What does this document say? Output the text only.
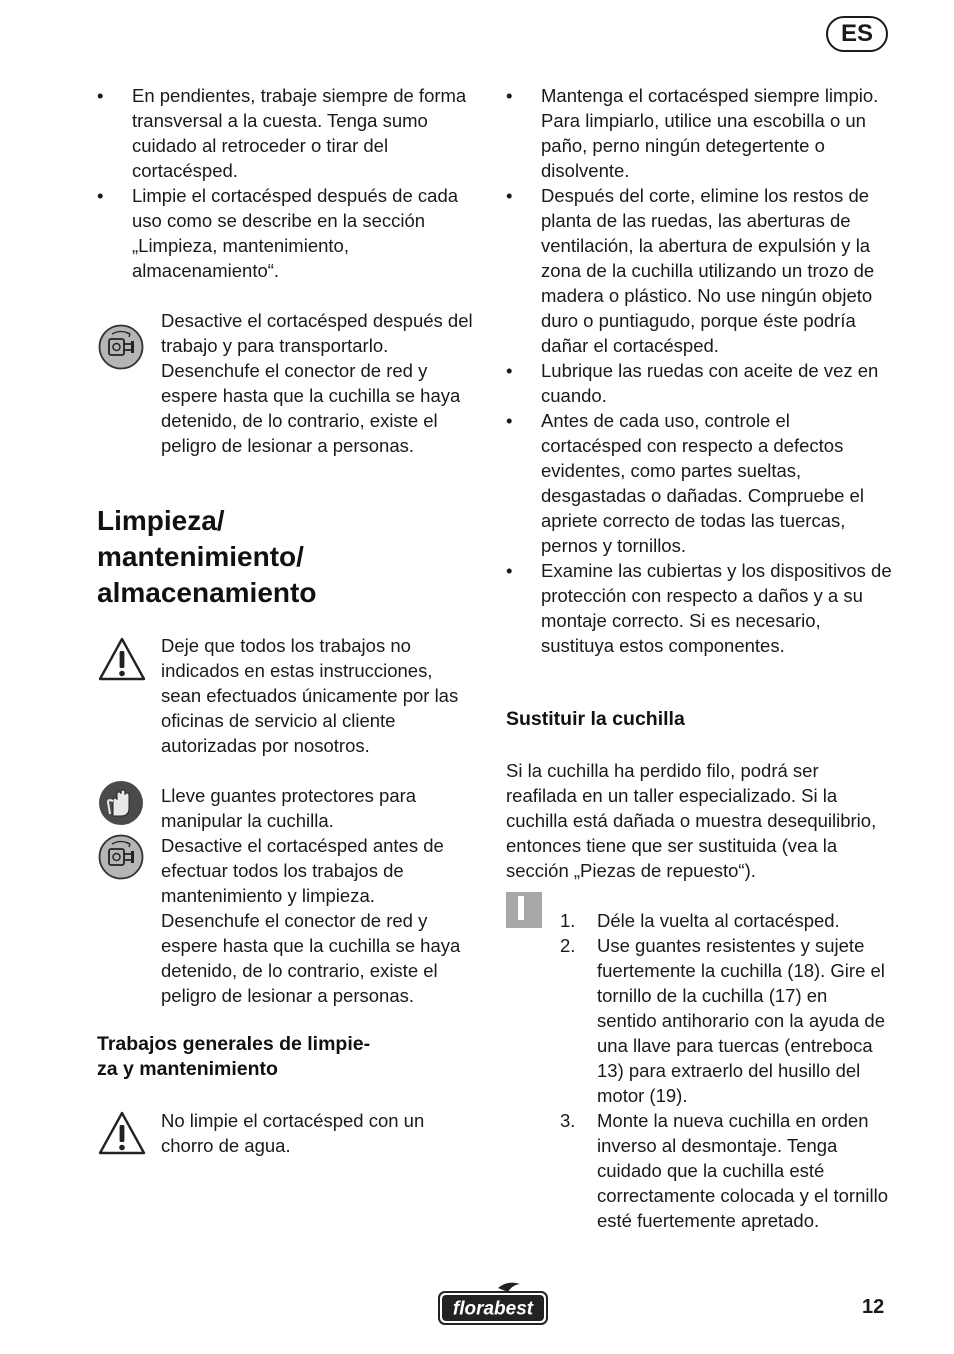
ES
• En pendientes, trabaje siempre de forma transversal a la cuesta. Tenga sumo cuidado al retroceder o tirar del cortacésped.
• Limpie el cortacésped después de cada uso como se describe en la sección „Limpieza, mantenimiento, almacenamiento“.
Desactive el cortacésped después del trabajo y para transportarlo. Desenchufe el conector de red y espere hasta que la cuchilla se haya detenido, de lo contrario, existe el peligro de lesionar a personas.
Limpieza/
mantenimiento/
almacenamiento
Deje que todos los trabajos no indicados en estas instrucciones, sean efectuados únicamente por las oficinas de servicio al cliente autorizadas por nosotros.
Lleve guantes protectores para manipular la cuchilla.
Desactive el cortacésped antes de efectuar todos los trabajos de mantenimiento y limpieza. Desenchufe el conector de red y espere hasta que la cuchilla se haya detenido, de lo contrario, existe el peligro de lesionar a personas.
Trabajos generales de limpie-
za y mantenimiento
No limpie el cortacésped con un chorro de agua.
• Mantenga el cortacésped siempre limpio. Para limpiarlo, utilice una escobilla o un paño, perno ningún detegertente o disolvente.
• Después del corte, elimine los restos de planta de las ruedas, las aberturas de ventilación, la abertura de expulsión y la zona de la cuchilla utilizando un trozo de madera o plástico. No use ningún objeto duro o puntiagudo, porque éste podría dañar el cortacésped.
• Lubrique las ruedas con aceite de vez en cuando.
• Antes de cada uso, controle el cortacésped con respecto a defectos evidentes, como partes sueltas, desgastadas o dañadas. Compruebe el apriete correcto de todas las tuercas, pernos y tornillos.
• Examine las cubiertas y los dispositivos de protección con respecto a daños y a su montaje correcto. Si es necesario, sustituya estos componentes.
Sustituir la cuchilla
Si la cuchilla ha perdido filo, podrá ser reafilada en un taller especializado. Si la cuchilla está dañada o muestra desequilibrio, entonces tiene que ser sustituida (vea la sección „Piezas de repuesto“).
1. Déle la vuelta al cortacésped.
2. Use guantes resistentes y sujete fuertemente la cuchilla (18). Gire el tornillo de la cuchilla (17) en sentido antihorario con la ayuda de una llave para tuercas (entreboca 13) para extraerlo del husillo del motor (19).
3. Monte la nueva cuchilla en orden inverso al desmontaje. Tenga cuidado que la cuchilla esté correctamente colocada y el tornillo esté fuertemente apretado.
florabest	12
